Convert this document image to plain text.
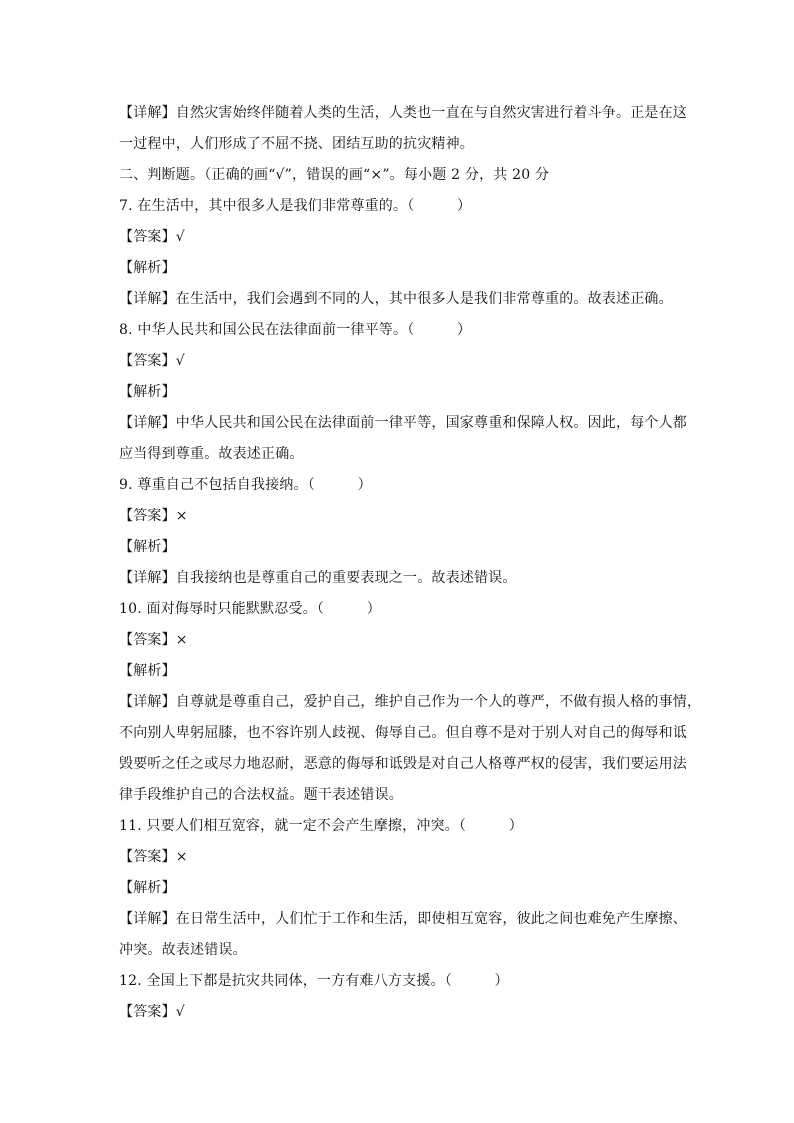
【详解】自然灾害始终伴随着人类的生活，人类也一直在与自然灾害进行着斗争。正是在这
一过程中，人们形成了不屈不挠、团结互助的抗灾精神。
二、判断题。（正确的画“√”，错误的画“×”。每小题 2 分，共 20 分
7. 在生活中，其中很多人是我们非常尊重的。（　　　）
【答案】√
【解析】
【详解】在生活中，我们会遇到不同的人，其中很多人是我们非常尊重的。故表述正确。
8. 中华人民共和国公民在法律面前一律平等。（　　　）
【答案】√
【解析】
【详解】中华人民共和国公民在法律面前一律平等，国家尊重和保障人权。因此，每个人都
应当得到尊重。故表述正确。
9. 尊重自己不包括自我接纳。（　　　）
【答案】×
【解析】
【详解】自我接纳也是尊重自己的重要表现之一。故表述错误。
10. 面对侮辱时只能默默忍受。（　　　）
【答案】×
【解析】
【详解】自尊就是尊重自己，爱护自己，维护自己作为一个人的尊严，不做有损人格的事情，
不向别人卑躬屈膝，也不容许别人歧视、侮辱自己。但自尊不是对于别人对自己的侮辱和诋
毁要听之任之或尽力地忍耐，恶意的侮辱和诋毁是对自己人格尊严权的侵害，我们要运用法
律手段维护自己的合法权益。题干表述错误。
11. 只要人们相互宽容，就一定不会产生摩擦，冲突。（　　　）
【答案】×
【解析】
【详解】在日常生活中，人们忙于工作和生活，即使相互宽容，彼此之间也难免产生摩擦、
冲突。故表述错误。
12. 全国上下都是抗灾共同体，一方有难八方支援。（　　　）
【答案】√
